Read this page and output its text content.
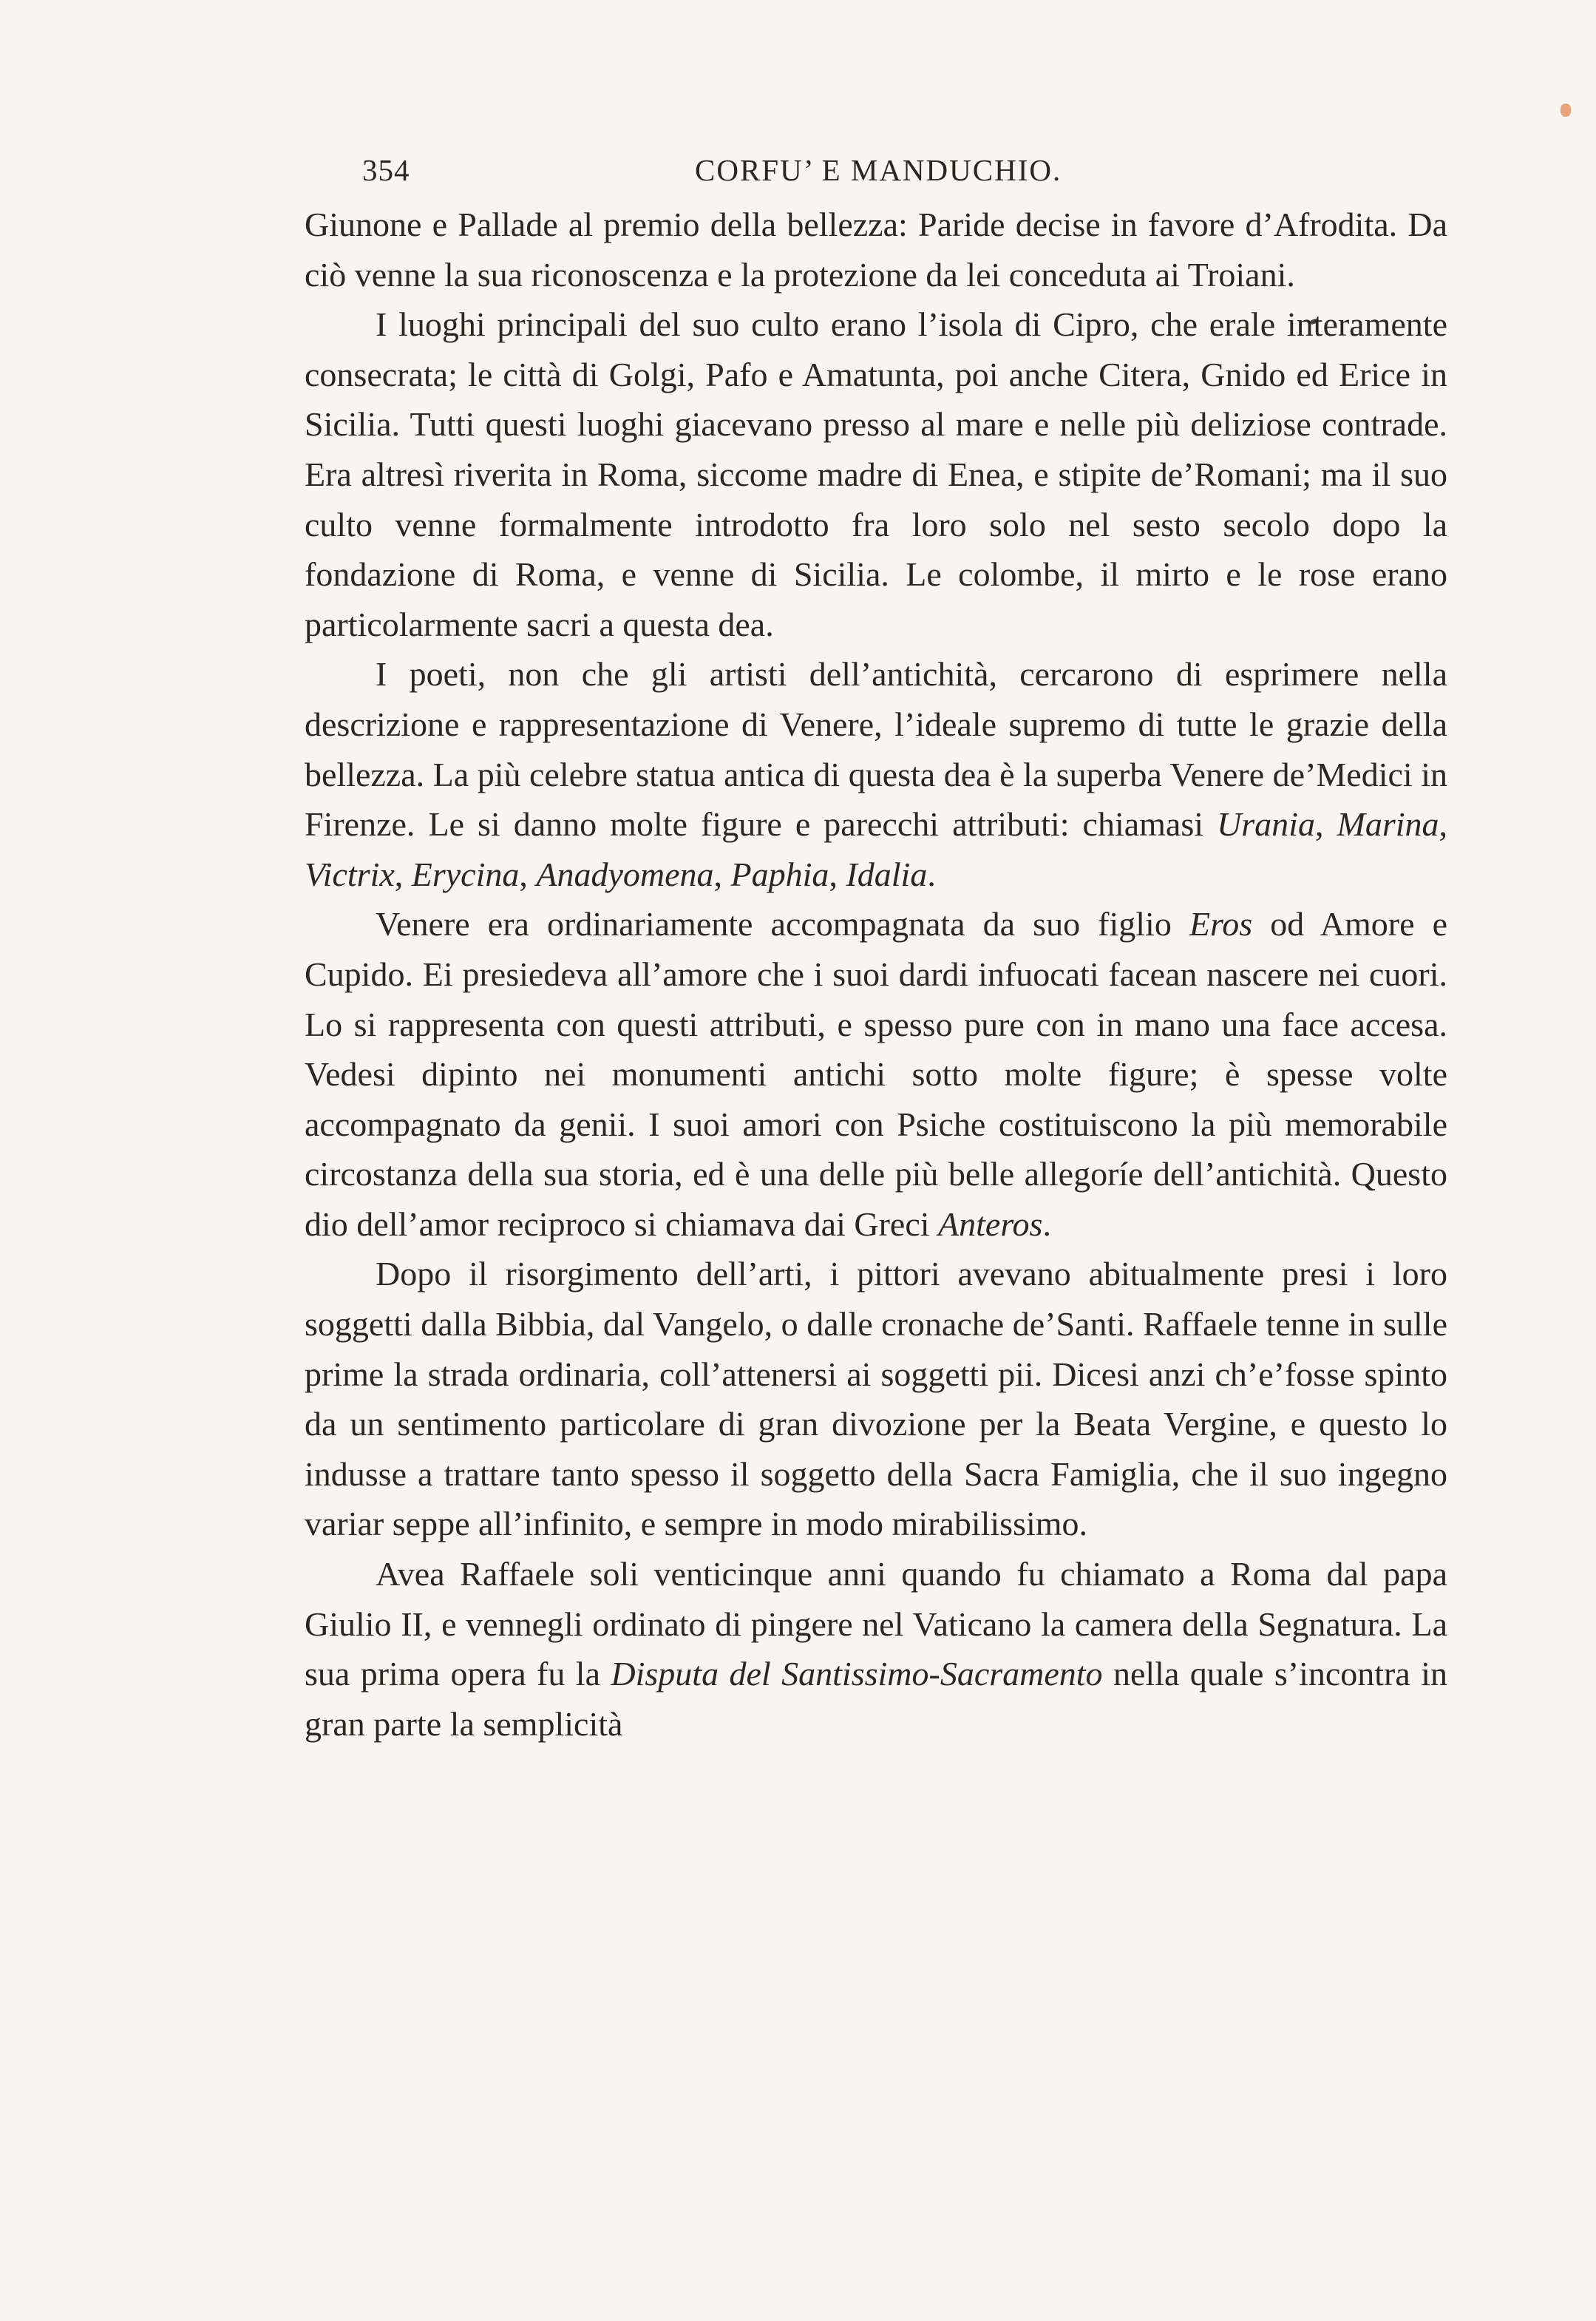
354	CORFU’ E MANDUCHIO.

Giunone e Pallade al premio della bellezza: Paride decise in favore d’Afrodita. Da ciò venne la sua riconoscenza e la protezione da lei conceduta ai Troiani.

I luoghi principali del suo culto erano l’isola di Cipro, che erale interamente consecrata; le città di Golgi, Pafo e Amatunta, poi anche Citera, Gnido ed Erice in Sicilia. Tutti questi luoghi giacevano presso al mare e nelle più deliziose contrade. Era altresì riverita in Roma, siccome madre di Enea, e stipite de’Romani; ma il suo culto venne formalmente introdotto fra loro solo nel sesto secolo dopo la fondazione di Roma, e venne di Sicilia. Le colombe, il mirto e le rose erano particolarmente sacri a questa dea.

I poeti, non che gli artisti dell’antichità, cercarono di esprimere nella descrizione e rappresentazione di Venere, l’ideale supremo di tutte le grazie della bellezza. La più celebre statua antica di questa dea è la superba Venere de’Medici in Firenze. Le si danno molte figure e parecchi attributi: chiamasi Urania, Marina, Victrix, Erycina, Anadyomena, Paphia, Idalia.

Venere era ordinariamente accompagnata da suo figlio Eros od Amore e Cupido. Ei presiedeva all’amore che i suoi dardi infuocati facean nascere nei cuori. Lo si rappresenta con questi attributi, e spesso pure con in mano una face accesa. Vedesi dipinto nei monumenti antichi sotto molte figure; è spesse volte accompagnato da genii. I suoi amori con Psiche costituiscono la più memorabile circostanza della sua storia, ed è una delle più belle allegoríe dell’antichità. Questo dio dell’amor reciproco si chiamava dai Greci Anteros.

Dopo il risorgimento dell’arti, i pittori avevano abitualmente presi i loro soggetti dalla Bibbia, dal Vangelo, o dalle cronache de’Santi. Raffaele tenne in sulle prime la strada ordinaria, coll’attenersi ai soggetti pii. Dicesi anzi ch’e’fosse spinto da un sentimento particolare di gran divozione per la Beata Vergine, e questo lo indusse a trattare tanto spesso il soggetto della Sacra Famiglia, che il suo ingegno variar seppe all’infinito, e sempre in modo mirabilissimo.

Avea Raffaele soli venticinque anni quando fu chiamato a Roma dal papa Giulio II, e vennegli ordinato di pingere nel Vaticano la camera della Segnatura. La sua prima opera fu la Disputa del Santissimo-Sacramento nella quale s’incontra in gran parte la semplicità
